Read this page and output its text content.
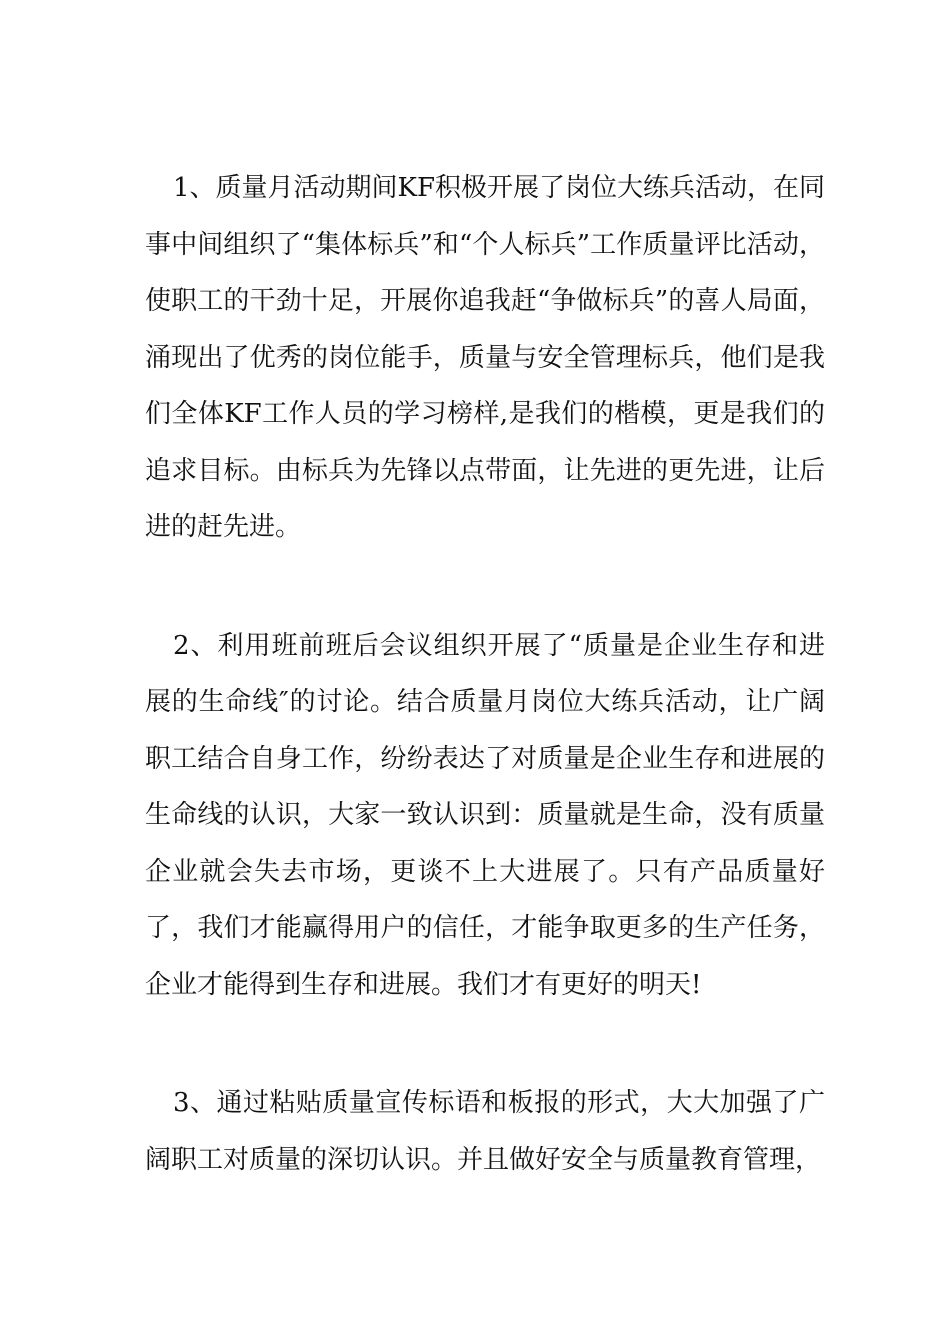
1、质量月活动期间KF积极开展了岗位大练兵活动，在同事中间组织了“集体标兵”和“个人标兵”工作质量评比活动，使职工的干劲十足，开展你追我赶“争做标兵”的喜人局面，涌现出了优秀的岗位能手，质量与安全管理标兵，他们是我们全体KF工作人员的学习榜样,是我们的楷模，更是我们的追求目标。由标兵为先锋以点带面，让先进的更先进，让后进的赶先进。

2、利用班前班后会议组织开展了“质量是企业生存和进展的生命线″的讨论。结合质量月岗位大练兵活动，让广阔职工结合自身工作，纷纷表达了对质量是企业生存和进展的生命线的认识，大家一致认识到：质量就是生命，没有质量企业就会失去市场，更谈不上大进展了。只有产品质量好了，我们才能赢得用户的信任，才能争取更多的生产任务，企业才能得到生存和进展。我们才有更好的明天!

3、通过粘贴质量宣传标语和板报的形式，大大加强了广阔职工对质量的深切认识。并且做好安全与质量教育管理，
